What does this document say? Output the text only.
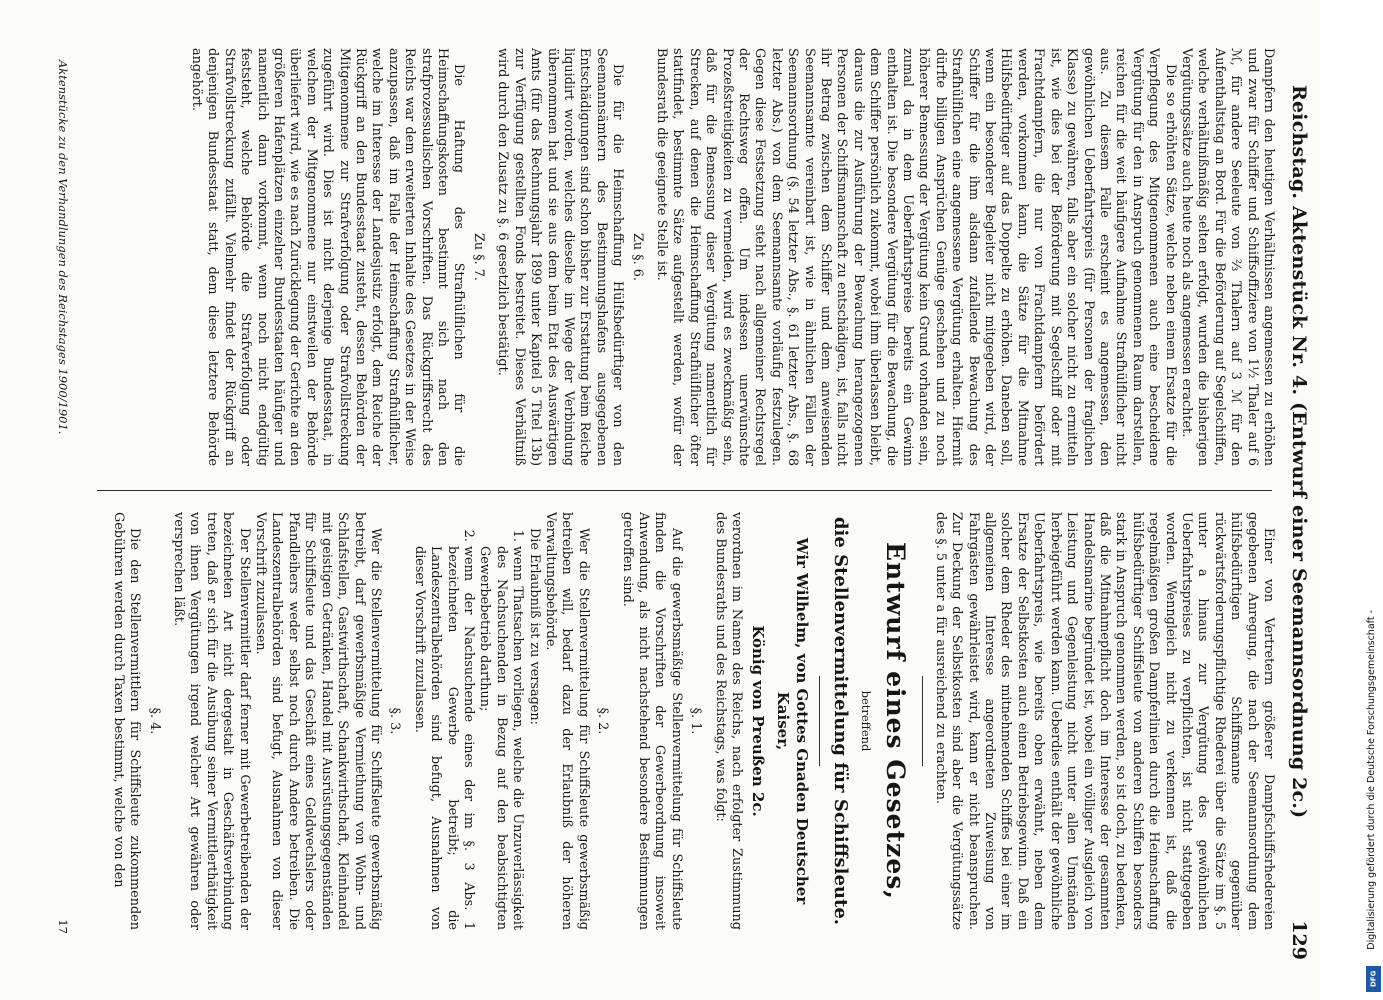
Reichstag. Aktenstück Nr. 4. (Entwurf einer Seemannsordnung 2c.)
129

Dampfern den heutigen Verhältnissen angemessen zu erhöhen und zwar für Schiffer und Schiffsoffiziere von 1½ Thaler auf 6 ℳ, für andere Seeleute von ⅔ Thalern auf 3 ℳ für den Aufenthaltstag an Bord. Für die Beförderung auf Segelschiffen, welche verhältnißmäßig selten erfolgt, wurden die bisherigen Vergütungssätze auch heute noch als angemessen erachtet.

Die so erhöhten Sätze, welche neben einem Ersatze für die Verpflegung des Mitgenommenen auch eine bescheidene Vergütung für den in Anspruch genommenen Raum darstellen, reichen für die weit häufigere Aufnahme Strafhülflicher nicht aus. Zu diesem Falle erscheint es angemessen, den gewöhnlichen Ueberfahrtspreis (für Personen der fraglichen Klasse) zu gewähren, falls aber ein solcher nicht zu ermitteln ist, wie dies bei der Beförderung mit Segelschiff oder mit Frachtdampfern, die nur von Frachtdampfern befördert werden, vorkommen kann, die Sätze für die Mitnahme Hülfsbedürftiger auf das Doppelte zu erhöhen. Daneben soll, wenn ein besonderer Begleiter nicht mitgegeben wird, der Schiffer für die ihm alsdann zufallende Bewachung des Strafhülflichen eine angemessene Vergütung erhalten. Hiermit dürfte billigen Ansprüchen Genüge geschehen und zu noch höherer Bemessung der Vergütung kein Grund vorhanden sein, zumal da in dem Ueberfahrtspreise bereits ein Gewinn enthalten ist. Die besondere Vergütung für die Bewachung, die dem Schiffer persönlich zukommt, wobei ihm überlassen bleibt, daraus die zur Ausführung der Bewachung herangezogenen Personen der Schiffsmannschaft zu entschädigen, ist, falls nicht ihr Betrag zwischen dem Schiffer und dem anweisenden Seemannsamte vereinbart ist, wie in ähnlichen Fällen der Seemannsordnung (§. 54 letzter Abs., §. 61 letzter Abs., §. 68 letzter Abs.) von dem Seemannsamte vorläufig festzulegen. Gegen diese Festsetzung steht nach allgemeiner Rechtsregel der Rechtsweg offen. Um indessen unerwünschte Prozeßstreitigkeiten zu vermeiden, wird es zweckmäßig sein, daß für die Bemessung dieser Vergütung namentlich für Strecken, auf denen die Heimschaffung Strafhülflicher öfter stattfindet, bestimmte Sätze aufgestellt werden, wofür der Bundesrath die geeignete Stelle ist.

Zu §. 6.

Die für die Heimschaffung Hülfsbedürftiger von den Seemannsämtern des Bestimmungshafens ausgegebenen Entschädigungen sind schon bisher zur Erstattung beim Reiche liquidirt worden, welches dieselbe im Wege der Verbindung übernommen hat und sie aus dem beim Etat des Auswärtigen Amts (für das Rechnungsjahr 1899 unter Kapitel 5 Titel 13b) zur Verfügung gestellten Fonds bestreitet. Dieses Verhältniß wird durch den Zusatz zu §. 6 gesetzlich bestätigt.

Zu §. 7.

Die Haftung des Strafhülflichen für die Heimschaffungskosten bestimmt sich nach den strafprozessualischen Vorschriften. Das Rückgriffsrecht des Reichs war dem erweiterten Inhalte des Gesetzes in der Weise anzupassen, daß im Falle der Heimschaffung Strafhülflicher, welche im Interesse der Landesjustiz erfolgt, dem Reiche der Rückgriff an den Bundesstaat zusteht, dessen Behörden der Mitgenommene zur Strafverfolgung oder Strafvollstreckung zugeführt wird. Dies ist nicht derjenige Bundesstaat, in welchem der Mitgenommene nur einstweilen der Behörde überliefert wird, wie es nach Zurücklegung der Gerichte an den größeren Hafenplätzen einzelner Bundesstaaten häufiger und namentlich dann vorkommt, wenn noch nicht endgültig feststeht, welche Behörde die Strafverfolgung oder Strafvollstreckung zufällt. Vielmehr findet der Rückgriff an denjenigen Bundesstaat statt, dem diese letztere Behörde angehört.

Einer von Vertretern größerer Dampfschiffsrhedereien gegebenen Anregung, die nach der Seemannsordnung dem hülfsbedürftigen Schiffsmanne gegenüber rückwärtsforderungspflichtige Rhederei über die Sätze im §. 5 unter a hinaus zur Vergütung des gewöhnlichen Ueberfahrtspreises zu verpflichten, ist nicht stattgegeben worden. Wenngleich nicht zu verkennen ist, daß die regelmäßigen großen Dampferlinien durch die Heimschaffung hülfsbedürftiger Schiffsleute von anderen Schiffen besonders stark in Anspruch genommen werden, so ist doch, zu bedenken, daß die Mitnahmepflicht doch im Interesse der gesammten Handelsmarine begründet ist, wobei ein völliger Ausgleich von Leistung und Gegenleistung nicht unter allen Umständen herbeigeführt werden kann. Ueberdies enthält der gewöhnliche Ueberfahrtspreis, wie bereits oben erwähnt, neben dem Ersatze der Selbstkosten auch einen Betriebsgewinn. Daß ein solcher dem Rheder des mitnehmenden Schiffes bei einer im allgemeinen Interesse angeordneten Zuweisung von Fahrgästen gewährleistet wird, kann er nicht beanspruchen. Zur Deckung der Selbstkosten sind aber die Vergütungssätze des §. 5 unter a für ausreichend zu erachten.

Entwurf eines Gesetzes,
betreffend
die Stellenvermittelung für Schiffsleute.
Wir Wilhelm, von Gottes Gnaden Deutscher Kaiser,
König von Preußen 2c.

verordnen im Namen des Reichs, nach erfolgter Zustimmung des Bundesraths und des Reichstags, was folgt:

§. 1.

Auf die gewerbsmäßige Stellenvermittelung für Schiffsleute finden die Vorschriften der Gewerbeordnung insoweit Anwendung, als nicht nachstehend besondere Bestimmungen getroffen sind.

§. 2.

Wer die Stellenvermittelung für Schiffsleute gewerbsmäßig betreiben will, bedarf dazu der Erlaubniß der höheren Verwaltungsbehörde.

Die Erlaubniß ist zu versagen:

1. wenn Thatsachen vorliegen, welche die Unzuverlässigkeit des Nachsuchenden in Bezug auf den beabsichtigten Gewerbebetrieb darthun;
2. wenn der Nachsuchende eines der im §. 3 Abs. 1 bezeichneten Gewerbe betreibt; die Landeszentralbehörden sind befugt, Ausnahmen von dieser Vorschrift zuzulassen.
§. 3.

Wer die Stellenvermittelung für Schiffsleute gewerbsmäßig betreibt, darf gewerbsmäßige Vermiethung von Wohn- und Schlafstellen, Gastwirthschaft, Schankwirthschaft, Kleinhandel mit geistigen Getränken, Handel mit Ausrüstungsgegenständen für Schiffsleute und das Geschäft eines Geldwechslers oder Pfandleihers weder selbst noch durch Andere betreiben. Die Landeszentralbehörden sind befugt, Ausnahmen von dieser Vorschrift zuzulassen.

Der Stellenvermittler darf ferner mit Gewerbetreibenden der bezeichneten Art nicht dergestalt in Geschäftsverbindung treten, daß er sich für die Ausübung seiner Vermittlerthätigkeit von ihnen Vergütungen irgend welcher Art gewähren oder versprechen läßt.

§. 4.

Die den Stellenvermittlern für Schiffsleute zukommenden Gebühren werden durch Taxen bestimmt, welche von den

Aktenstücke zu den Verhandlungen des Reichstages 1900/1901.
17	Digitalisierung gefördert durch die Deutsche Forschungsgemeinschaft -
DFG
